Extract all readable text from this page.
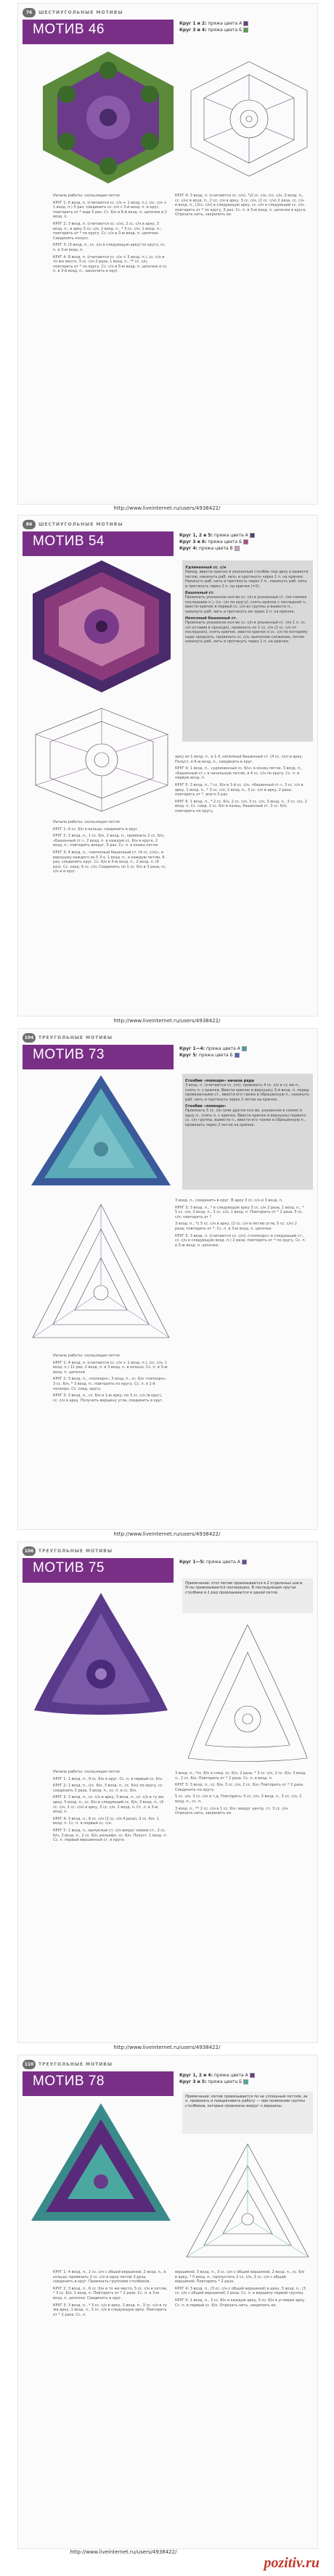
76	ШЕСТИУГОЛЬНЫЕ МОТИВЫ
МОТИВ 46	Круг 1 и 2: пряжа цвета А
Круг 3 и 4: пряжа цвета Б

Начало работы: скользящая петля.

КРУГ 1: 6 возд. п. (считаются сс. с/н + 1 возд. п.), (сс. с/н + 1 возд. п.) 5 раз, соединить сс. с/н с 3-й возд. п. в круг, повторить от * еще 5 раз. Сс. 6/н в 6-й возд. п. цепочки и 2 возд. п.

КРУГ 2: 3 возд. п. (считаются сс. с/н), 2 сс. с/н в арку, 3 возд. п., в арку 3 сс. с/н, 2 возд. п., * 3 сс. с/н, 1 возд. п.; повторить от * по кругу. Сс. с/н в 3-ю возд. п. цепочки. Соединить полусс.

КРУГ 3: (3 возд. п., сс. с/н в следующую арку) по кругу, сс. п. в 3-ю возд. п.

КРУГ 4: 8 возд. п. (считаются сс. с/н + 5 возд. п.), сс. с/н в то же место, 3 сс. с/н 2 раза, 1 возд. п., ** сс. с/н, повторить от * по кругу. Сс. с/н в 5-ю возд. п. цепочки и сс. п. в 3-й возд. п., закончить в круг.

КРУГ 4: 3 возд. п. (считаются сс. с/н), *(2 сс. с/н, (сс. с/н, 3 возд. п., сс. с/н) в возд. п., 2 сс. с/н в арку, 3 сс. с/н, (2 сс. с/н) 2 раза, сс. с/н в возд. п., (2сс. с/н) в следующую арку, сс. с/н в следующий сс. с/н, повторить от * по кругу, 5 раз. Сс. п. в 3-ю возд. п. цепочки в круге. Отрезать нить, закрепить ее.

http://www.liveinternet.ru/users/4938422/
84	ШЕСТИУГОЛЬНЫЕ МОТИВЫ
МОТИВ 54	Круг 1, 2 и 5: пряжа цвета А
Круг 3 и 6: пряжа цвета Б
Круг 4: пряжа цвета В
Удлиненный сс. с/н
Накид, ввести крючок в указанный столбик под арку и вывести петлю, накинуть раб. нить и протянуть через 1 п. на крючке. Накинуть раб. нить и протянуть через 2 п., накинуть раб. нить и протянуть через 2 п. на крючке (=2).
Башенный ст.
Провязать указанное кол-во сс. с/н в указанный ст. (не снимая последнюю п.), (сс. с/н по кругу), снять крючок с последней п., ввести крючок в первый сс. с/н из группы и вывести п., накинуть раб. нить и протянуть ее через 2 п. на крючке.
Неполный башенный ст.
Провязать указанное кол-во сс. с/н в указанный ст. (по 1 п. сс. с/н оставив в проходе), провязать по 1 сс. с/н (2 сс. с/н от последних), снять крючок, ввести крючок в сс. с/н по которому надо продлить, провязать сс. с/н, выполняя сложение, потом накинуть раб. нить и протянуть через 1 п. на крючке.

Начало работы: скользящая петля.

КРУГ 1: 6 сс. 6/н в кольцо, соединить в круг.

КРУГ 2: 3 возд. п., 1 сс. 6/н, 2 возд. п., провязать 2 сс. 6/н, «Башенный ст.», 2 возд. п. в каждую сс. 6/н в круге, 2 возд. п.; повторить вокруг, 5 раз. Сс. п. в конец петли.

КРУГ 3: 4 возд. п., «неполный башенный ст. (4 сс. с/н)», в верхушку каждого из 5 3-х, 1 возд. п., в каждую петлю, 6 раз, соединить круг. Сс. 6/н в 3-ю возд. п., 2 возд. п. (6 раз). Сс. соед. 6 сс. с/н. Соединить по 1 сс. 6/н в 3 раза, сс. с/н и в круг.

арку из 1 возд. п., в 1-3, неполный башенный ст. (4 сс. с/н) в арку. Полуст. в 6-ю возд. п., соединить в круг.

КРУГ 4: 1 возд. п., «удлиненный сс. 6/н» в конец петли, 3 возд. п., «Башенный ст.» в начальную петлю, в 4 сс. с/н по кругу. Сс. п. в первую возд. п.

КРУГ 5: 3 возд. п., * сс. 6/н в 1-й сс. с/н, «башенный ст.», 3 сс. с/н в арку, 1 возд. п., * 3 сс. с/н, 2 возд. п., 3 сс. с/н в арку, 2 раза; повторить от *, всего 5 раз.

КРУГ 6: 1 возд. п., * 2 сс. 6/н, 2 сс. с/н, 3 сс. с/н, 3 возд. п., 3 сс. с/н, 2 возд. п. Сс. соед. 2 сс. 6/н в конец, башенный ст. 3 сс. 6/н; повторить по кругу.

http://www.liveinternet.ru/users/4938422/
104	ТРЕУГОЛЬНЫЕ МОТИВЫ
МОТИВ 73	Круг 1—4: пряжа цвета А
Круг 5: пряжа цвета Б
Столбик «попкорн» начала ряда
3 возд. п. (считаются сс. с/н), провязать 4 сс. с/н в ту же п., снять п. с крючка. Ввести крючок в верхушку 3-й возд. п. перед провязанными ст., ввести его также в сброшенную п., накинуть раб. нить и протянуть через 2 петли на крючке.
Столбик «попкорн»
Провязать 5 сс. с/н (или другое кол-во, указанное в схеме) в одну п., снять п. с крючка. Ввести крючок в верхушку первого сс. с/н группы, вывести п., ввести его также в сброшенную п., провязать через 2 петли на крючке.

Начало работы: скользящая петля.

КРУГ 1: 4 возд. п. (считаются сс. с/н + 1 возд. п.), (сс. с/н, 1 возд. п.) 11 раз, 2 возд. п. и 3 возд. п. в кольцо. Сс. п. в 3-ю возд. п. цепочки.

КРУГ 2: 3 возд. п., «попкорн», 3 возд. п., сс. 6/н «попкорн», 3 сс. 6/н, * 3 возд. п.; повторить по кругу. Сс. п. в 1-й попкорн. Сс. соед. кругу.

КРУГ 3: 3 возд. п., сс. 6/н в 1-ю арку, по 3 сс. с/н (в круг), сс. с/н в арку. Получить вершину угла, соединить в круг.

3 возд. п., соединить в круг. В арку 3 сс. с/н и 3 возд. п.

КРУГ 3: 3 возд. п., * в следующую арку 3 сс. с/н 2 раза, 1 возд. п., * 5 сс. с/н, 3 возд. п., 3 сс. с/н, 1 возд. п. Повторить от * 2 раза. 5 сс. с/н; повторить от *.

3 возд. п., *с 5 сс. с/н в арку, (2 сс. с/н в петлю угла, 5 сс. с/н) 2 раза; повторить от *. Сс. п. в 3-ю возд. п. цепочки.

КРУГ 5: 3 возд. п. (считаются сс. с/н), («попкорн» в следующий ст., сс. с/н в следующую возд. п.) 2 раза; повторить от * по кругу. Сс. п. в 3-ю возд. п. цепочки.

http://www.liveinternet.ru/users/4938422/
106	ТРЕУГОЛЬНЫЕ МОТИВЫ
МОТИВ 75	Круг 1—5: пряжа цвета А
Примечание: этот мотив провязывается в 2 отдельных шага. Углы провязываются поочередно. В последующих кругах столбики в 1 ряд провязываются в одной петле.

Начало работы: скользящая петля.

КРУГ 1: 1 возд. п., 9 сс. 6/н в круг. Сс. п. в первый сс. 6/н.

КРУГ 2: 1 возд. п., (сс. 6/н, 3 возд. п., сс. 6/н) по кругу, сс. соединить 3 раза, 3 возд. п., сс. п. в сс. 6/н.

КРУГ 3: 3 возд. п., сс. с/н в арку, 3 возд. п., сс. с/н в ту же арку, 5 возд. п., сс. 6/н в следующий сс. 6/н, 3 возд. п., (4 сс. с/н, 2 сс. с/н) в арку, 3 сс. с/н, 2 возд. п. Сс. п. в 3-ю возд. п.

КРУГ 4: 3 возд. п., 6 сс. с/н (2 сс. с/н 4 раза), 3 сс. 6/н. 1 возд. п. Сс. п. в первый сс. с/н.

КРУГ 5: 1 возд. п., выпуклый ст. с/н вокруг ножки ст., 2 сс. 6/н, 3 возд. п., 2 сс. 6/н, рельефн. сс. 6/н. Полуст. 1 возд. п. Сс. п. первый вершинный ст. в круге.

3 возд. п., *сс. 6/н в след. сс. 6/н, 2 раза, * 3 сс. с/н, 2 сс. 6/н, 3 возд. п., 2 сс. 6/н. Повторить от * 2 раза. Сс. п. в возд. п.

КРУГ 3: 3 возд. п., сс. 6/н, 3 сс. с/н, 2 сс. 6/н. Повторить от * 2 раза. Соединить по кругу.

5 сс. с/н, 3 сс. с/н и т.д. Повторить: 5 сс. с/н, 3 возд. п., 5 сс. с/н, 2 возд. п., сс. п.

3 возд. п., ** 2 сс. с/н в 1 сс. 6/н; вокруг центр. ст. 3 сс. с/н. Отрезать нить, закрепить ее.

http://www.liveinternet.ru/users/4938422/
110	ТРЕУГОЛЬНЫЕ МОТИВЫ
МОТИВ 78	Круг 1, 2 и 4: пряжа цвета А
Круг 3 и 5: пряжа цвета Б
Примечание: мотив провязывается по не сплошным петлям, за н. провязать и поворачивать работу — при появлении группы столбиков, которые провязаны вокруг n вершины.

КРУГ 1: 4 возд. п., 2 сс. с/н с общей вершиной, 2 возд. п., в кольцо; провязать 2 сс. с/н в одну петлю 3 раза, соединить в круг. Провязать группами столбиков.

КРУГ 2: 3 возд. п., 6 сс. 6/н в то же место, 5 сс. с/н в петлю, * 3 сс. 6/н, 1 возд. п. Повторить от * 2 раза. Сс. п. в 3-ю возд. п. цепочки. Соединить в круг.

КРУГ 3: 3 возд. п., * 3 сс. с/н в арку, 2 возд. п., 3 сс. с/н в ту же арку, 1 возд. п., 3 сс. с/н в следующую арку. Повторить от * 2 раза. Сс. п.

вершиной, 3 возд. п., 3 сс. с/н с общей вершиной, 2 возд. п., сс. 6/н в арку, * 5 возд. п., пропустить 2 сс. с/н, 3 сс. с/н с общей вершиной. Повторить * 2 раза.

КРУГ 4: 3 возд. п., (3 сс. с/н с общей вершиной) в арку, 3 возд. п., (3 сс. с/н с общей вершиной) 2 раза. Сс. п. в вершину первой группы.

КРУГ 5: 1 возд. п., 3 сс. 6/н в каждую арку, 5 сс. 6/н в угловую арку. Сс. п. в первый сс. 6/н. Отрезать нить, закрепить ее.

http://www.liveinternet.ru/users/4938422/
pozitiv.ru
